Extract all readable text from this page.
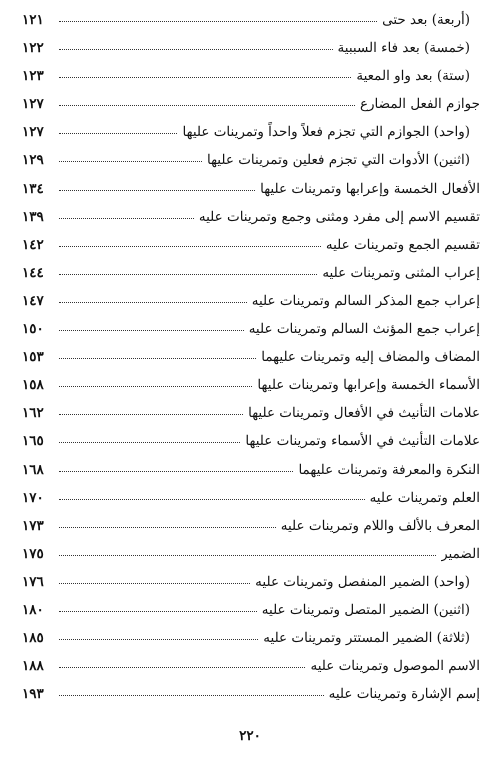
(أربعة) بعد حتى
١٢١
(خمسة) بعد فاء السببية
١٢٢
(ستة) بعد واو المعية
١٢٣
جوازم الفعل المضارع
١٢٧
(واحد) الجوازم التي تجزم فعلاً واحداً وتمرينات عليها
١٢٧
(اثنين) الأدوات التي تجزم فعلين وتمرينات عليها
١٢٩
الأفعال الخمسة وإعرابها وتمرينات عليها
١٣٤
تقسيم الاسم إلى مفرد ومثنى وجمع وتمرينات عليه
١٣٩
تقسيم الجمع وتمرينات عليه
١٤٢
إعراب المثنى وتمرينات عليه
١٤٤
إعراب جمع المذكر السالم وتمرينات عليه
١٤٧
إعراب جمع المؤنث السالم وتمرينات عليه
١٥٠
المضاف والمضاف إليه وتمرينات عليهما
١٥٣
الأسماء الخمسة وإعرابها وتمرينات عليها
١٥٨
علامات التأنيث في الأفعال وتمرينات عليها
١٦٢
علامات التأنيث في الأسماء وتمرينات عليها
١٦٥
النكرة والمعرفة وتمرينات عليهما
١٦٨
العلم وتمرينات عليه
١٧٠
المعرف بالألف واللام وتمرينات عليه
١٧٣
الضمير
١٧٥
(واحد) الضمير المنفصل وتمرينات عليه
١٧٦
(اثنين) الضمير المتصل وتمرينات عليه
١٨٠
(ثلاثة) الضمير المستتر وتمرينات عليه
١٨٥
الاسم الموصول وتمرينات عليه
١٨٨
إسم الإشارة وتمرينات عليه
١٩٣
٢٢٠
